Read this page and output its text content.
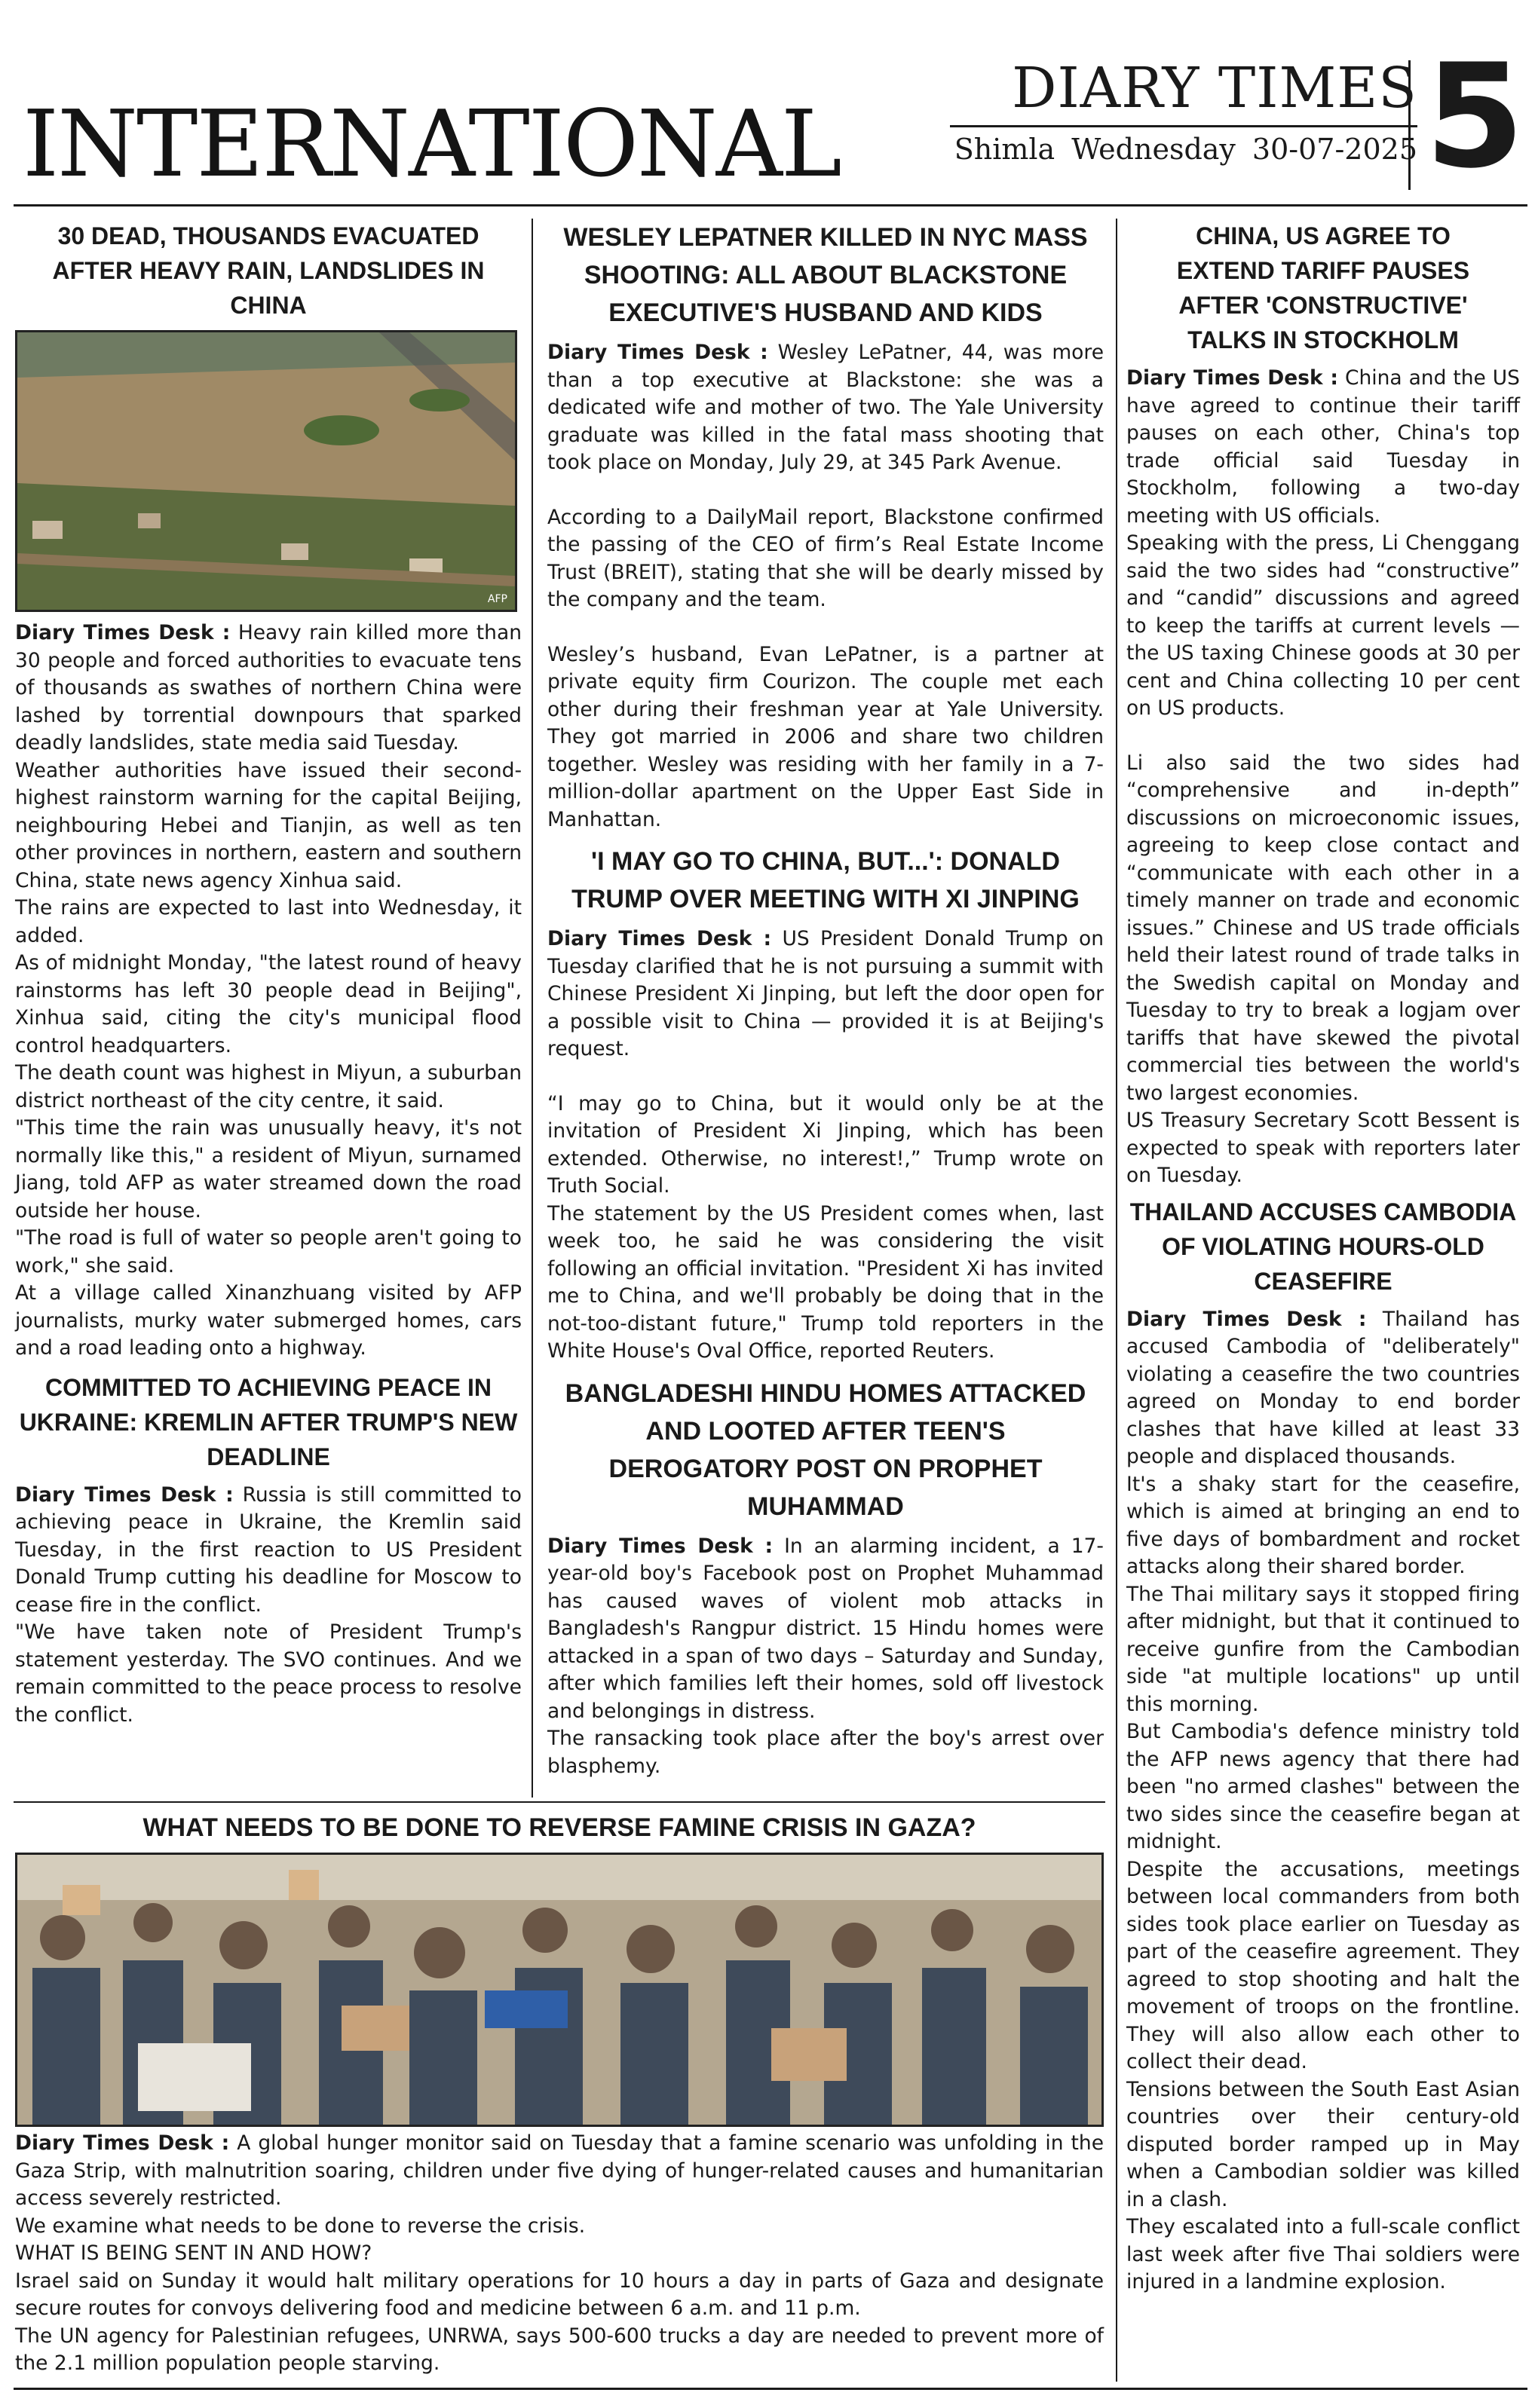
INTERNATIONAL
DIARY TIMES
Shimla Wednesday 30-07-2025 5
30 DEAD, THOUSANDS EVACUATED AFTER HEAVY RAIN, LANDSLIDES IN CHINA
AFP

Diary Times Desk : Heavy rain killed more than 30 people and forced authorities to evacuate tens of thousands as swathes of northern China were lashed by torrential downpours that sparked deadly landslides, state media said Tuesday.

Weather authorities have issued their second-highest rainstorm warning for the capital Beijing, neighbouring Hebei and Tianjin, as well as ten other provinces in northern, eastern and southern China, state news agency Xinhua said.

The rains are expected to last into Wednesday, it added.

As of midnight Monday, "the latest round of heavy rainstorms has left 30 people dead in Beijing", Xinhua said, citing the city's municipal flood control headquarters.

The death count was highest in Miyun, a suburban district northeast of the city centre, it said.

"This time the rain was unusually heavy, it's not normally like this," a resident of Miyun, surnamed Jiang, told AFP as water streamed down the road outside her house.

"The road is full of water so people aren't going to work," she said.

At a village called Xinanzhuang visited by AFP journalists, murky water submerged homes, cars and a road leading onto a highway.

COMMITTED TO ACHIEVING PEACE IN UKRAINE: KREMLIN AFTER TRUMP'S NEW DEADLINE

Diary Times Desk : Russia is still committed to achieving peace in Ukraine, the Kremlin said Tuesday, in the first reaction to US President Donald Trump cutting his deadline for Moscow to cease fire in the conflict.

"We have taken note of President Trump's statement yesterday. The SVO continues. And we remain committed to the peace process to resolve the conflict.

WESLEY LEPATNER KILLED IN NYC MASS SHOOTING: ALL ABOUT BLACKSTONE EXECUTIVE'S HUSBAND AND KIDS

Diary Times Desk : Wesley LePatner, 44, was more than a top executive at Blackstone: she was a dedicated wife and mother of two. The Yale University graduate was killed in the fatal mass shooting that took place on Monday, July 29, at 345 Park Avenue.

According to a DailyMail report, Blackstone confirmed the passing of the CEO of firm’s Real Estate Income Trust (BREIT), stating that she will be dearly missed by the company and the team.

Wesley’s husband, Evan LePatner, is a partner at private equity firm Courizon. The couple met each other during their freshman year at Yale University. They got married in 2006 and share two children together. Wesley was residing with her family in a 7-million-dollar apartment on the Upper East Side in Manhattan.

'I MAY GO TO CHINA, BUT...': DONALD TRUMP OVER MEETING WITH XI JINPING

Diary Times Desk : US President Donald Trump on Tuesday clarified that he is not pursuing a summit with Chinese President Xi Jinping, but left the door open for a possible visit to China — provided it is at Beijing's request.

“I may go to China, but it would only be at the invitation of President Xi Jinping, which has been extended. Otherwise, no interest!,” Trump wrote on Truth Social.

The statement by the US President comes when, last week too, he said he was considering the visit following an official invitation. "President Xi has invited me to China, and we'll probably be doing that in the not-too-distant future," Trump told reporters in the White House's Oval Office, reported Reuters.

BANGLADESHI HINDU HOMES ATTACKED AND LOOTED AFTER TEEN'S DEROGATORY POST ON PROPHET MUHAMMAD

Diary Times Desk : In an alarming incident, a 17-year-old boy's Facebook post on Prophet Muhammad has caused waves of violent mob attacks in Bangladesh's Rangpur district. 15 Hindu homes were attacked in a span of two days – Saturday and Sunday, after which families left their homes, sold off livestock and belongings in distress.

The ransacking took place after the boy's arrest over blasphemy.

CHINA, US AGREE TO EXTEND TARIFF PAUSES AFTER 'CONSTRUCTIVE' TALKS IN STOCKHOLM

Diary Times Desk : China and the US have agreed to continue their tariff pauses on each other, China's top trade official said Tuesday in Stockholm, following a two-day meeting with US officials.

Speaking with the press, Li Chenggang said the two sides had “constructive” and “candid” discussions and agreed to keep the tariffs at current levels — the US taxing Chinese goods at 30 per cent and China collecting 10 per cent on US products.

Li also said the two sides had “comprehensive and in-depth” discussions on microeconomic issues, agreeing to keep close contact and “communicate with each other in a timely manner on trade and economic issues.” Chinese and US trade officials held their latest round of trade talks in the Swedish capital on Monday and Tuesday to try to break a logjam over tariffs that have skewed the pivotal commercial ties between the world's two largest economies.

US Treasury Secretary Scott Bessent is expected to speak with reporters later on Tuesday.

THAILAND ACCUSES CAMBODIA OF VIOLATING HOURS-OLD CEASEFIRE

Diary Times Desk : Thailand has accused Cambodia of "deliberately" violating a ceasefire the two countries agreed on Monday to end border clashes that have killed at least 33 people and displaced thousands.

It's a shaky start for the ceasefire, which is aimed at bringing an end to five days of bombardment and rocket attacks along their shared border.

The Thai military says it stopped firing after midnight, but that it continued to receive gunfire from the Cambodian side "at multiple locations" up until this morning.

But Cambodia's defence ministry told the AFP news agency that there had been "no armed clashes" between the two sides since the ceasefire began at midnight.

Despite the accusations, meetings between local commanders from both sides took place earlier on Tuesday as part of the ceasefire agreement. They agreed to stop shooting and halt the movement of troops on the frontline. They will also allow each other to collect their dead.

Tensions between the South East Asian countries over their century-old disputed border ramped up in May when a Cambodian soldier was killed in a clash.

They escalated into a full-scale conflict last week after five Thai soldiers were injured in a landmine explosion.

WHAT NEEDS TO BE DONE TO REVERSE FAMINE CRISIS IN GAZA?

Diary Times Desk : A global hunger monitor said on Tuesday that a famine scenario was unfolding in the Gaza Strip, with malnutrition soaring, children under five dying of hunger-related causes and humanitarian access severely restricted.

We examine what needs to be done to reverse the crisis.

WHAT IS BEING SENT IN AND HOW?

Israel said on Sunday it would halt military operations for 10 hours a day in parts of Gaza and designate secure routes for convoys delivering food and medicine between 6 a.m. and 11 p.m.

The UN agency for Palestinian refugees, UNRWA, says 500-600 trucks a day are needed to prevent more of the 2.1 million population people starving.
